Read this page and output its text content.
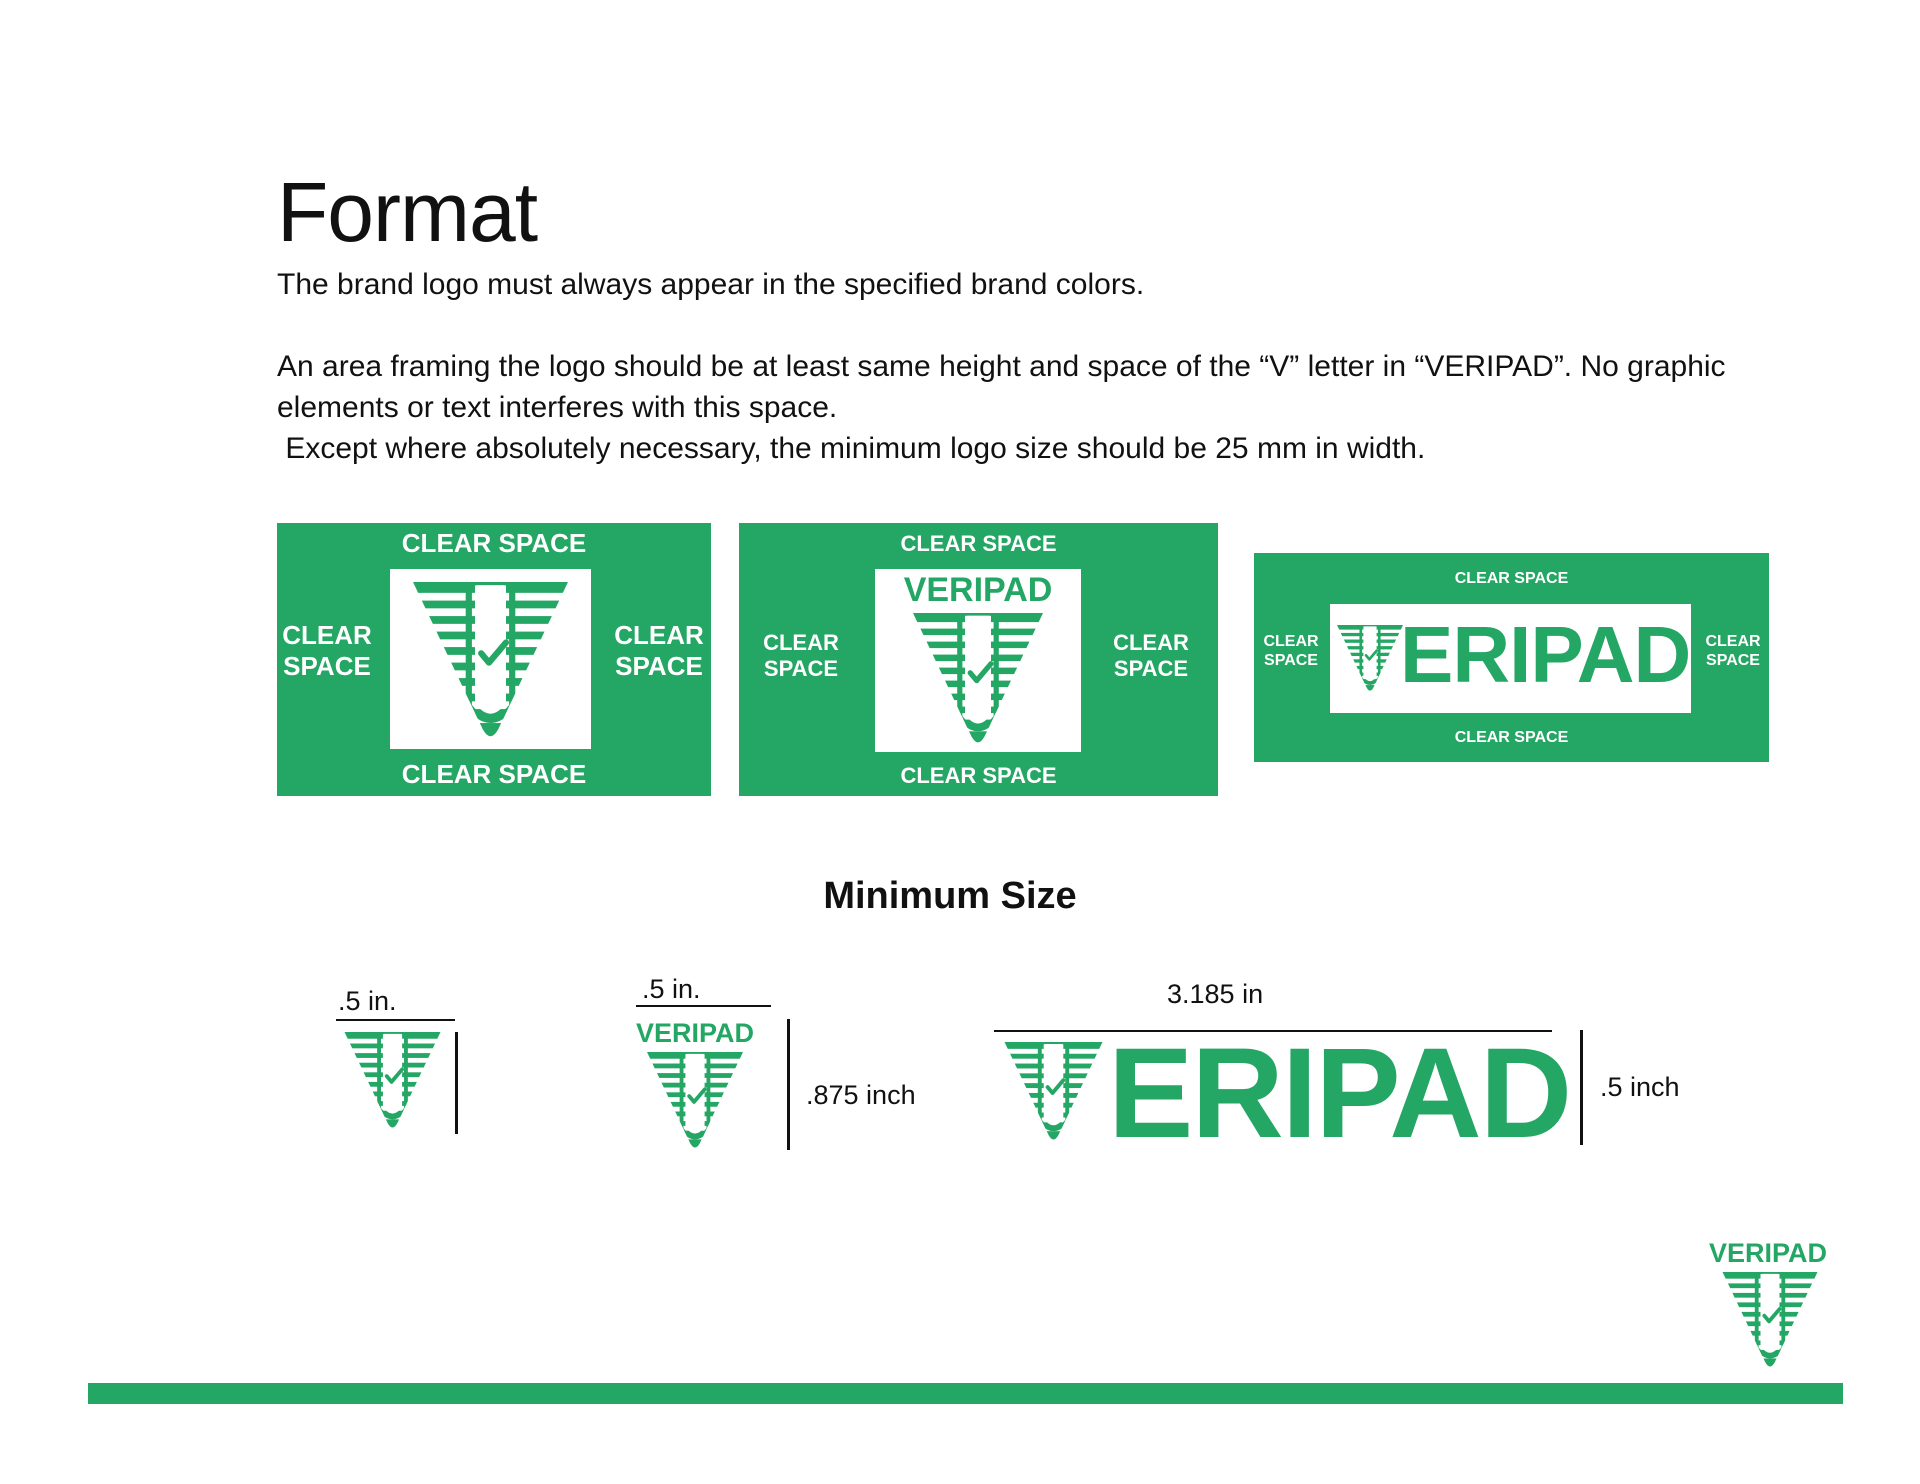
Format

The brand logo must always appear in the specified brand colors.

An area framing the logo should be at least same height and space of the “V” letter in “VERIPAD”. No graphic elements or text interferes with this space.

Except where absolutely necessary, the minimum logo size should be 25 mm in width.

CLEAR SPACE
CLEAR
SPACE
CLEAR
SPACE
CLEAR SPACE
CLEAR SPACE
CLEAR
SPACE
CLEAR
SPACE
CLEAR SPACE
VERIPAD	CLEAR SPACE
CLEAR
SPACE
CLEAR
SPACE
CLEAR SPACE
ERIPAD
Minimum Size
.5 in.	.5 in.
VERIPAD
.875 inch
3.185 in
ERIPAD .5 inch
VERIPAD
